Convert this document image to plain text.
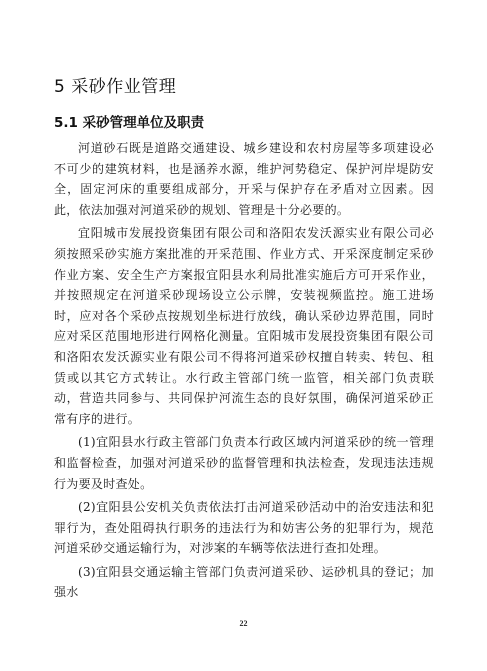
5 采砂作业管理
5.1 采砂管理单位及职责

河道砂石既是道路交通建设、城乡建设和农村房屋等多项建设必不可少的建筑材料，也是涵养水源，维护河势稳定、保护河岸堤防安全，固定河床的重要组成部分，开采与保护存在矛盾对立因素。因此，依法加强对河道采砂的规划、管理是十分必要的。

宜阳城市发展投资集团有限公司和洛阳农发沃源实业有限公司必须按照采砂实施方案批准的开采范围、作业方式、开采深度制定采砂作业方案、安全生产方案报宜阳县水利局批准实施后方可开采作业，并按照规定在河道采砂现场设立公示牌，安装视频监控。施工进场时，应对各个采砂点按规划坐标进行放线，确认采砂边界范围，同时应对采区范围地形进行网格化测量。宜阳城市发展投资集团有限公司和洛阳农发沃源实业有限公司不得将河道采砂权擅自转卖、转包、租赁或以其它方式转让。水行政主管部门统一监管，相关部门负责联动，营造共同参与、共同保护河流生态的良好氛围，确保河道采砂正常有序的进行。

(1)宜阳县水行政主管部门负责本行政区域内河道采砂的统一管理和监督检查，加强对河道采砂的监督管理和执法检查，发现违法违规行为要及时查处。

(2)宜阳县公安机关负责依法打击河道采砂活动中的治安违法和犯罪行为，查处阻碍执行职务的违法行为和妨害公务的犯罪行为，规范河道采砂交通运输行为，对涉案的车辆等依法进行查扣处理。

(3)宜阳县交通运输主管部门负责河道采砂、运砂机具的登记；加强水

22
